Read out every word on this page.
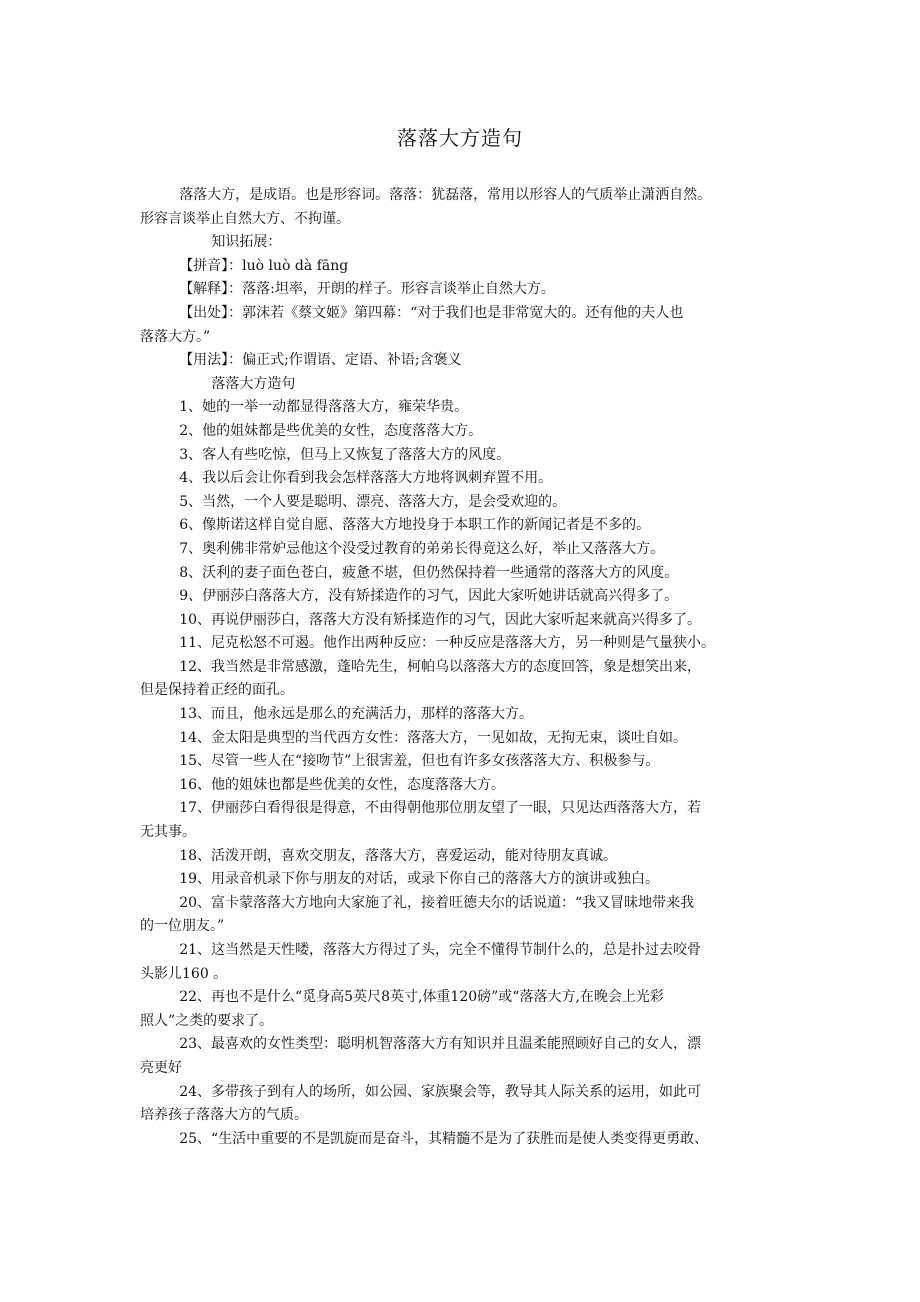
落落大方造句

落落大方，是成语。也是形容词。落落：犹磊落，常用以形容人的气质举止潇洒自然。

形容言谈举止自然大方、不拘谨。

知识拓展：

【拼音】：luò luò dà fāng

【解释】：落落:坦率，开朗的样子。形容言谈举止自然大方。

【出处】：郭沫若《蔡文姬》第四幕：“对于我们也是非常宽大的。还有他的夫人也

落落大方。”

【用法】：偏正式;作谓语、定语、补语;含褒义

落落大方造句

1、她的一举一动都显得落落大方，雍荣华贵。

2、他的姐妹都是些优美的女性，态度落落大方。

3、客人有些吃惊，但马上又恢复了落落大方的风度。

4、我以后会让你看到我会怎样落落大方地将讽刺弃置不用。

5、当然，一个人要是聪明、漂亮、落落大方，是会受欢迎的。

6、像斯诺这样自觉自愿、落落大方地投身于本职工作的新闻记者是不多的。

7、奥利佛非常妒忌他这个没受过教育的弟弟长得竟这么好，举止又落落大方。

8、沃利的妻子面色苍白，疲惫不堪，但仍然保持着一些通常的落落大方的风度。

9、伊丽莎白落落大方，没有矫揉造作的习气，因此大家听她讲话就高兴得多了。

10、再说伊丽莎白，落落大方没有矫揉造作的习气，因此大家听起来就高兴得多了。

11、尼克松怒不可遏。他作出两种反应：一种反应是落落大方，另一种则是气量狭小。

12、我当然是非常感激，蓬哈先生，柯帕乌以落落大方的态度回答，象是想笑出来，

但是保持着正经的面孔。

13、而且，他永远是那么的充满活力，那样的落落大方。

14、金太阳是典型的当代西方女性：落落大方，一见如故，无拘无束，谈吐自如。

15、尽管一些人在“接吻节”上很害羞，但也有许多女孩落落大方、积极参与。

16、他的姐妹也都是些优美的女性，态度落落大方。

17、伊丽莎白看得很是得意，不由得朝他那位朋友望了一眼，只见达西落落大方，若

无其事。

18、活泼开朗，喜欢交朋友，落落大方，喜爱运动，能对待朋友真诚。

19、用录音机录下你与朋友的对话，或录下你自己的落落大方的演讲或独白。

20、富卡蒙落落大方地向大家施了礼，接着旺德夫尔的话说道：“我又冒昧地带来我

的一位朋友。”

21、这当然是天性喽，落落大方得过了头，完全不懂得节制什么的，总是扑过去咬骨

头影儿160 。

22、再也不是什么“觅身高5英尺8英寸,体重120磅”或“落落大方,在晚会上光彩

照人”之类的要求了。

23、最喜欢的女性类型：聪明机智落落大方有知识并且温柔能照顾好自己的女人，漂

亮更好

24、多带孩子到有人的场所，如公园、家族聚会等，教导其人际关系的运用，如此可

培养孩子落落大方的气质。

25、“生活中重要的不是凯旋而是奋斗，其精髓不是为了获胜而是使人类变得更勇敢、
